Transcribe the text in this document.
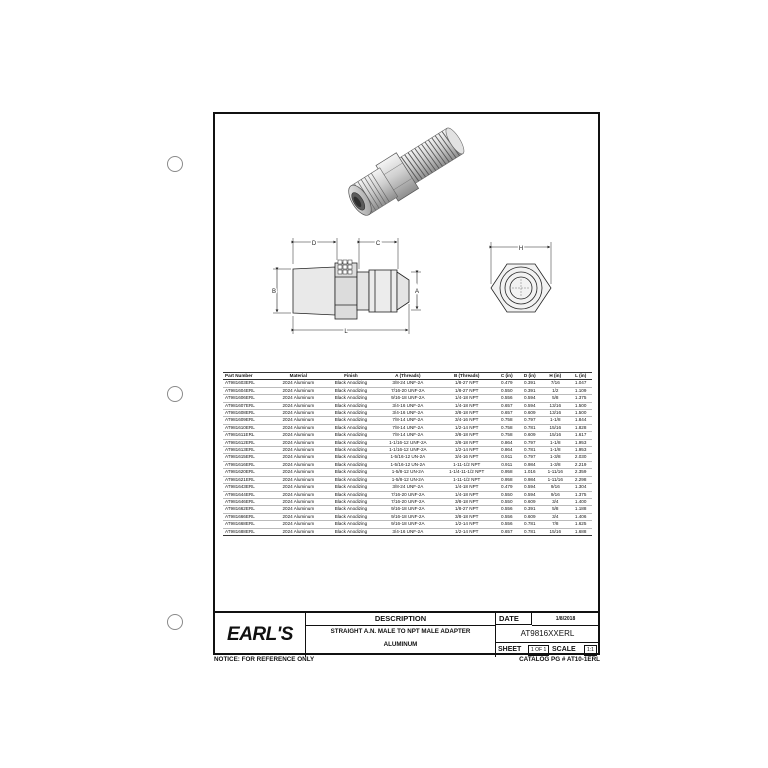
D	C
B	A
L
H
Part Number	Material	Finish	A (Threads)	B (Threads)	C (in)	D (in)	H (in)	L (in)
AT981603ERL	2024 Aluminum	Black Anodizing	3/8-24 UNF-2A	1/8-27 NPT	0.479	0.391	7/16	1.047
AT981604ERL	2024 Aluminum	Black Anodizing	7/16-20 UNF-2A	1/8-27 NPT	0.550	0.391	1/2	1.109
AT981606ERL	2024 Aluminum	Black Anodizing	9/16-18 UNF-2A	1/4-18 NPT	0.556	0.594	5/8	1.375
AT981607ERL	2024 Aluminum	Black Anodizing	3/4-16 UNF-2A	1/4-18 NPT	0.657	0.594	13/16	1.500
AT981608ERL	2024 Aluminum	Black Anodizing	3/4-16 UNF-2A	3/8-18 NPT	0.657	0.609	13/16	1.500
AT981609ERL	2024 Aluminum	Black Anodizing	7/8-14 UNF-2A	3/4-16 NPT	0.758	0.797	1-1/8	1.844
AT981610ERL	2024 Aluminum	Black Anodizing	7/8-14 UNF-2A	1/2-14 NPT	0.758	0.781	15/16	1.828
AT981611ERL	2024 Aluminum	Black Anodizing	7/8-14 UNF-2A	3/8-18 NPT	0.758	0.609	15/16	1.617
AT981612ERL	2024 Aluminum	Black Anodizing	1-1/16-12 UNF-2A	3/8-18 NPT	0.864	0.797	1-1/8	1.953
AT981613ERL	2024 Aluminum	Black Anodizing	1-1/16-12 UNF-2A	1/2-14 NPT	0.864	0.781	1-1/8	1.953
AT981615ERL	2024 Aluminum	Black Anodizing	1-5/16-12 UN-2A	3/4-16 NPT	0.911	0.797	1-3/8	2.030
AT981616ERL	2024 Aluminum	Black Anodizing	1-5/16-12 UN-2A	1-11-1/2 NPT	0.911	0.984	1-3/8	2.219
AT981620ERL	2024 Aluminum	Black Anodizing	1-5/8-12 UN-2A	1-1/4-11-1/2 NPT	0.958	1.016	1-11/16	2.359
AT981621ERL	2024 Aluminum	Black Anodizing	1-5/8-12 UN-2A	1-11-1/2 NPT	0.958	0.984	1-11/16	2.298
AT981643ERL	2024 Aluminum	Black Anodizing	3/8-24 UNF-2A	1/4-18 NPT	0.479	0.594	9/16	1.304
AT981644ERL	2024 Aluminum	Black Anodizing	7/16-20 UNF-2A	1/4-18 NPT	0.550	0.594	9/16	1.375
AT981646ERL	2024 Aluminum	Black Anodizing	7/16-20 UNF-2A	3/8-18 NPT	0.550	0.609	3/4	1.400
AT981662ERL	2024 Aluminum	Black Anodizing	9/16-18 UNF-2A	1/8-27 NPT	0.556	0.391	5/8	1.188
AT981666ERL	2024 Aluminum	Black Anodizing	9/16-18 UNF-2A	3/8-18 NPT	0.556	0.609	3/4	1.406
AT981668ERL	2024 Aluminum	Black Anodizing	9/16-18 UNF-2A	1/2-14 NPT	0.556	0.781	7/8	1.625
AT981688ERL	2024 Aluminum	Black Anodizing	3/4-16 UNF-2A	1/2-14 NPT	0.657	0.781	15/16	1.688
EARL'S
DESCRIPTION
STRAIGHT A.N. MALE TO NPT MALE ADAPTER
ALUMINUM
DATE	1/8/2018
AT9816XXERL
SHEET	1 OF 1 SCALE	1:1
NOTICE: FOR REFERENCE ONLY	CATALOG PG # AT10-1ERL
